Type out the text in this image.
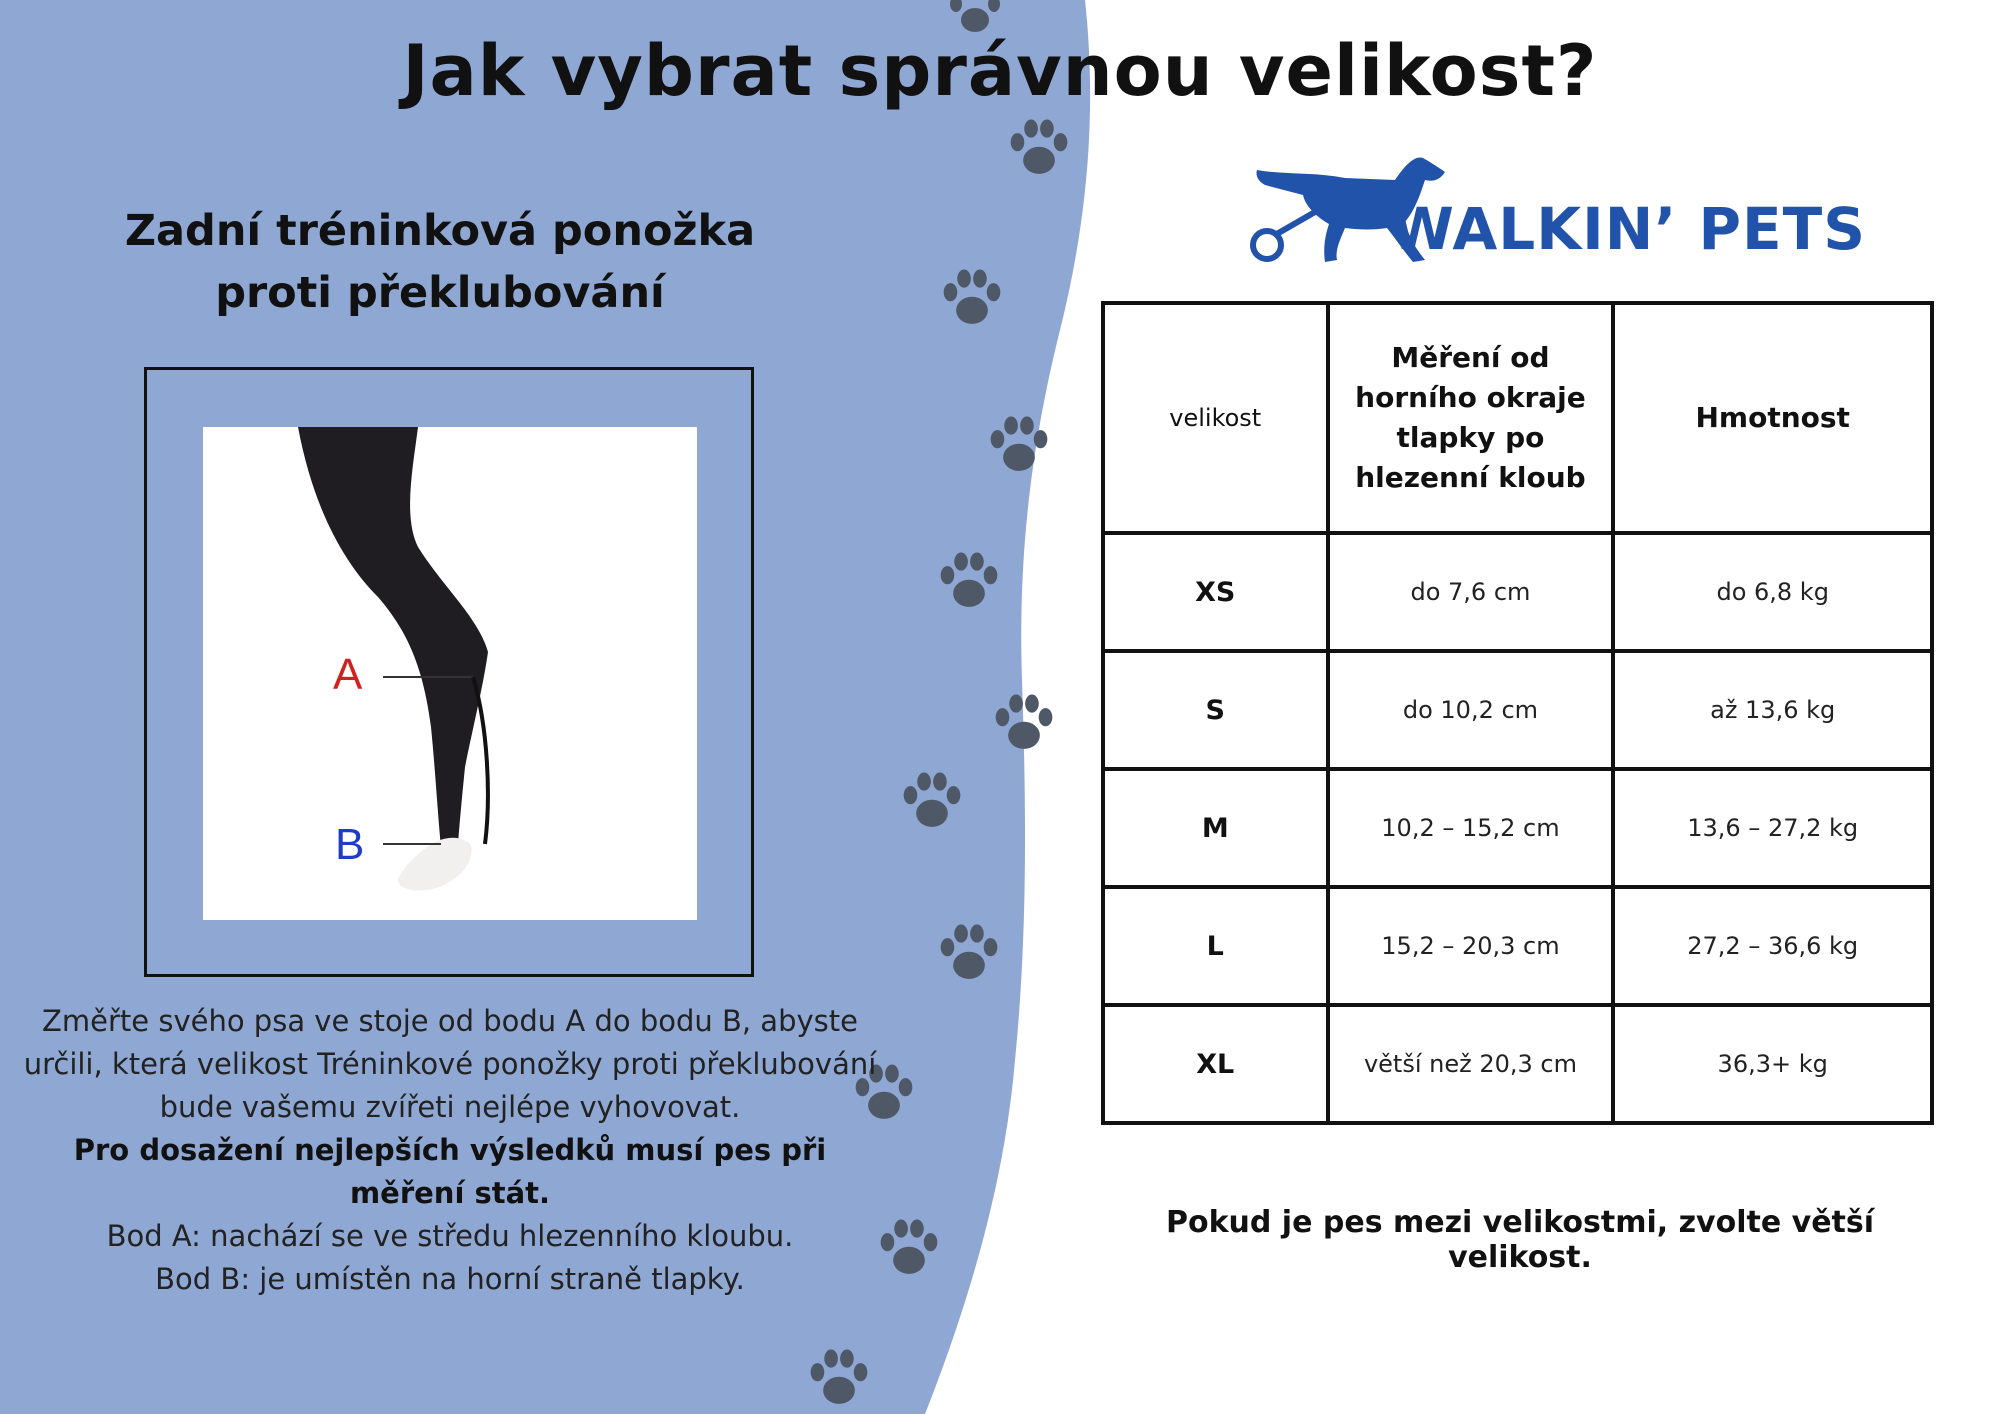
Jak vybrat správnou velikost?
Zadní tréninková ponožka
proti překlubování
A
B
Změřte svého psa ve stoje od bodu A do bodu B, abyste určili, která velikost Tréninkové ponožky proti překlubování bude vašemu zvířeti nejlépe vyhovovat.
Pro dosažení nejlepších výsledků musí pes při měření stát.
Bod A: nachází se ve středu hlezenního kloubu.
Bod B: je umístěn na horní straně tlapky.
WALKIN’ PETS
velikost	Měření od horního okraje tlapky po hlezenní kloub	Hmotnost
XS	do 7,6 cm	do 6,8 kg
S	do 10,2 cm	až 13,6 kg
M	10,2 – 15,2 cm	13,6 – 27,2 kg
L	15,2 – 20,3 cm	27,2 – 36,6 kg
XL	větší než 20,3 cm	36,3+ kg
Pokud je pes mezi velikostmi, zvolte větší velikost.
